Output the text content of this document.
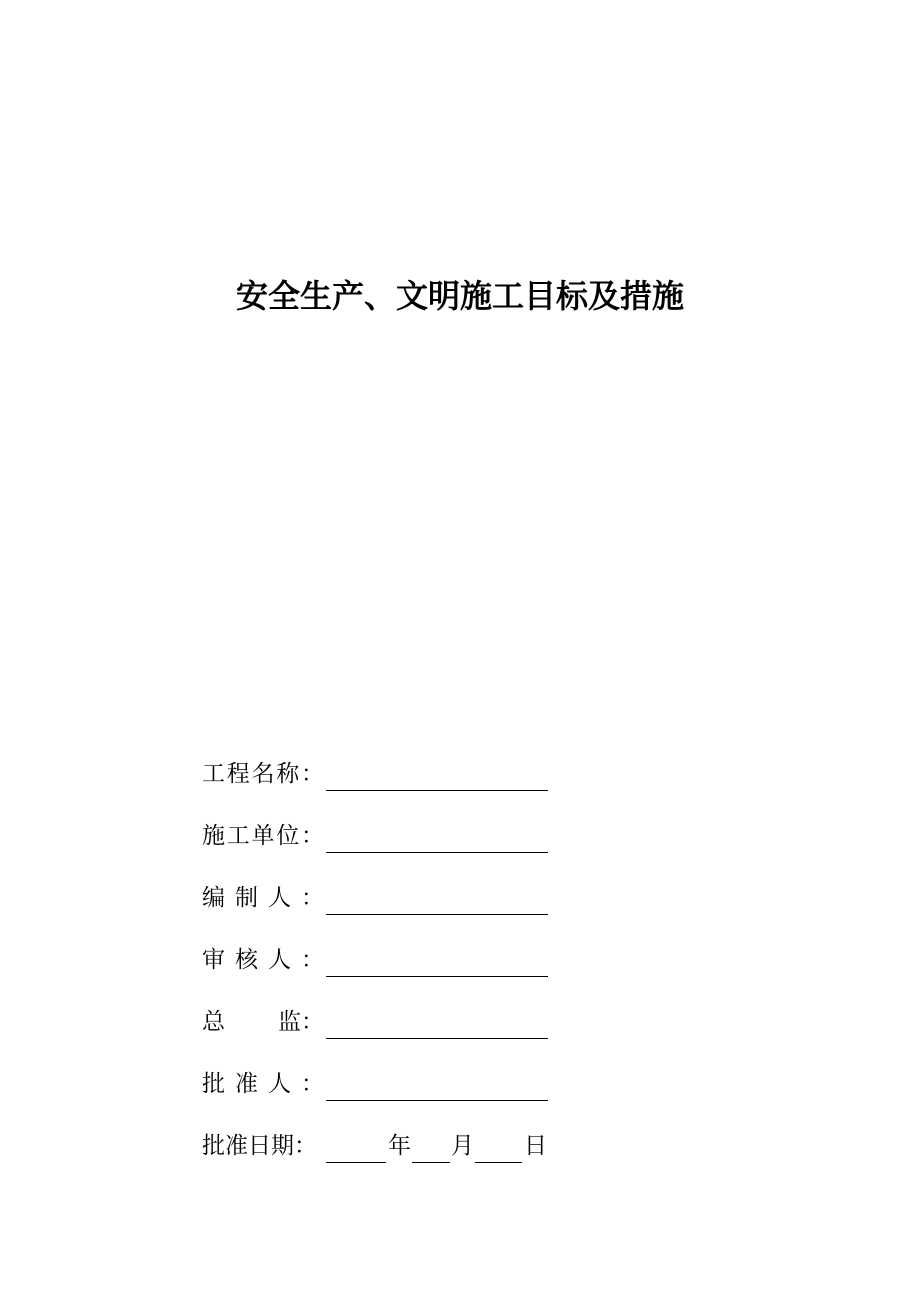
安全生产、文明施工目标及措施
工 程 名 称 ：
施 工 单 位 ：
编 制 人 ：
审 核 人 ：
总 监 ：
批 准 人 ：
批准日期：	年 月 日
